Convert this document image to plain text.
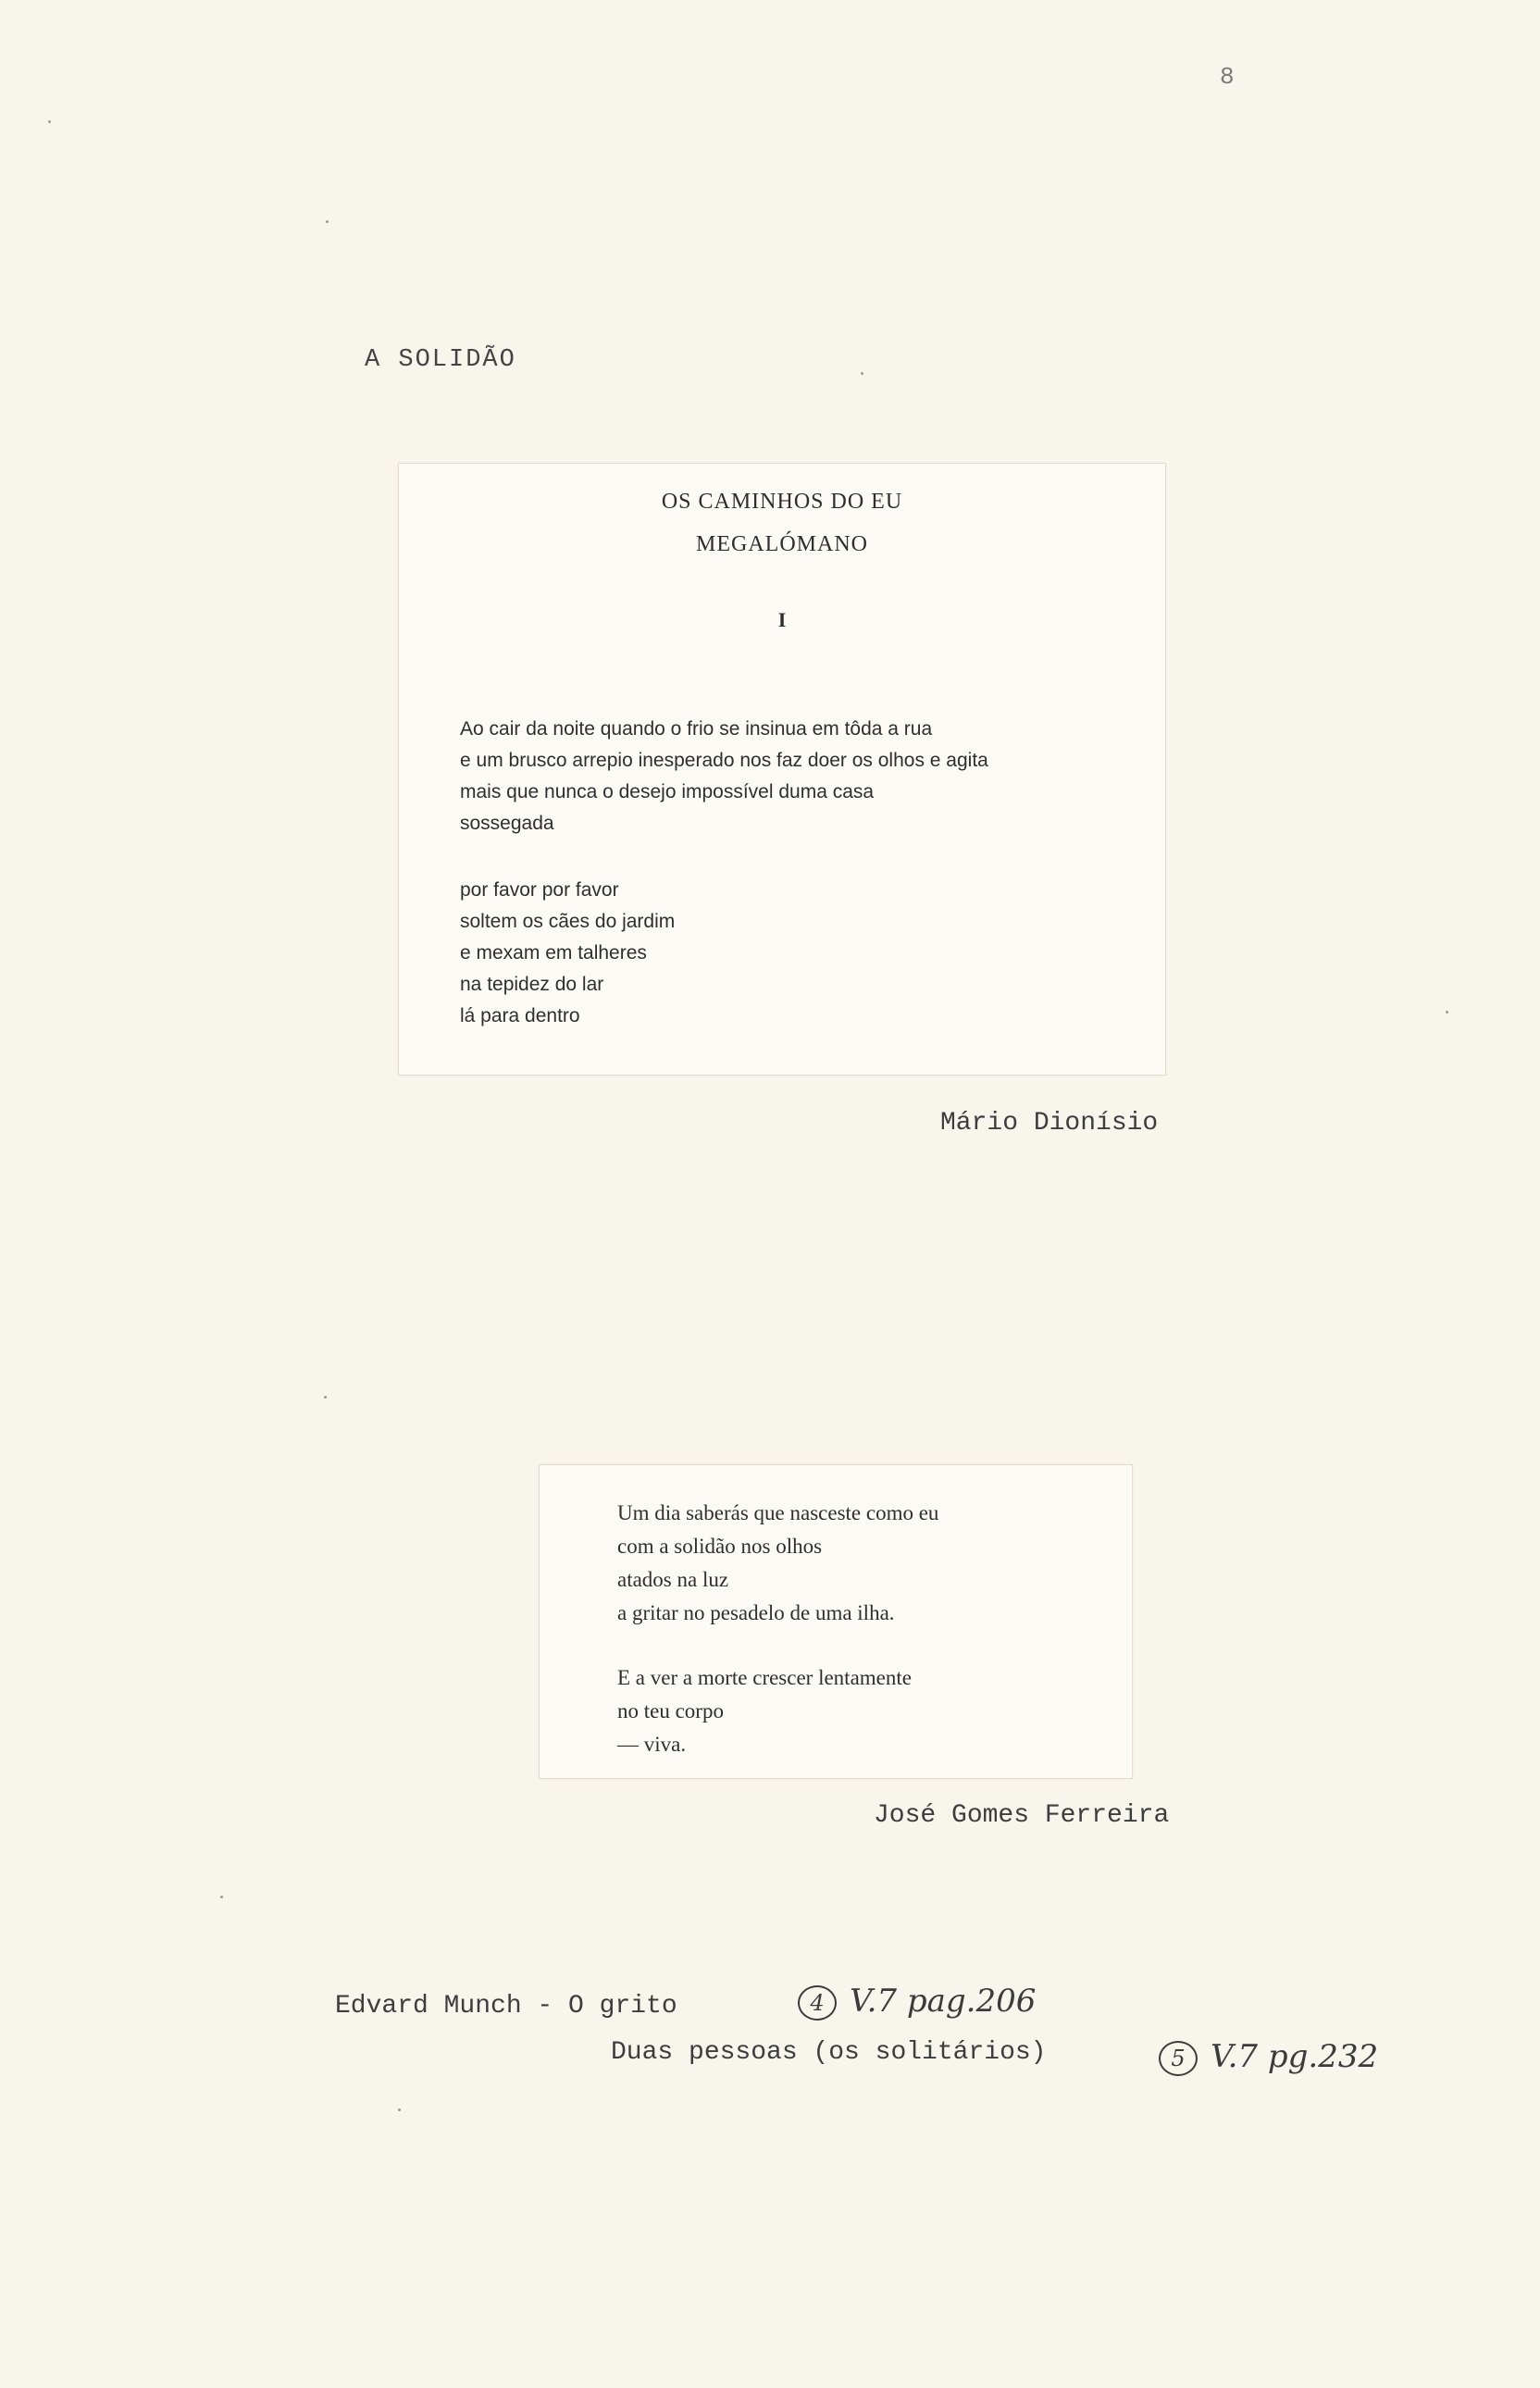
8
A SOLIDÃO
OS CAMINHOS DO EU
MEGALÓMANO
I
Ao cair da noite quando o frio se insinua em tôda a rua
e um brusco arrepio inesperado nos faz doer os olhos e agita
mais que nunca o desejo impossível duma casa
sossegada
por favor por favor
soltem os cães do jardim
e mexam em talheres
na tepidez do lar
lá para dentro
Mário Dionísio
Um dia saberás que nasceste como eu
com a solidão nos olhos
atados na luz
a gritar no pesadelo de uma ilha.
E a ver a morte crescer lentamente
no teu corpo
— viva.
José Gomes Ferreira
Edvard Munch - O grito	4 V.7 pag.206
Duas pessoas (os solitários)	5 V.7 pg.232
